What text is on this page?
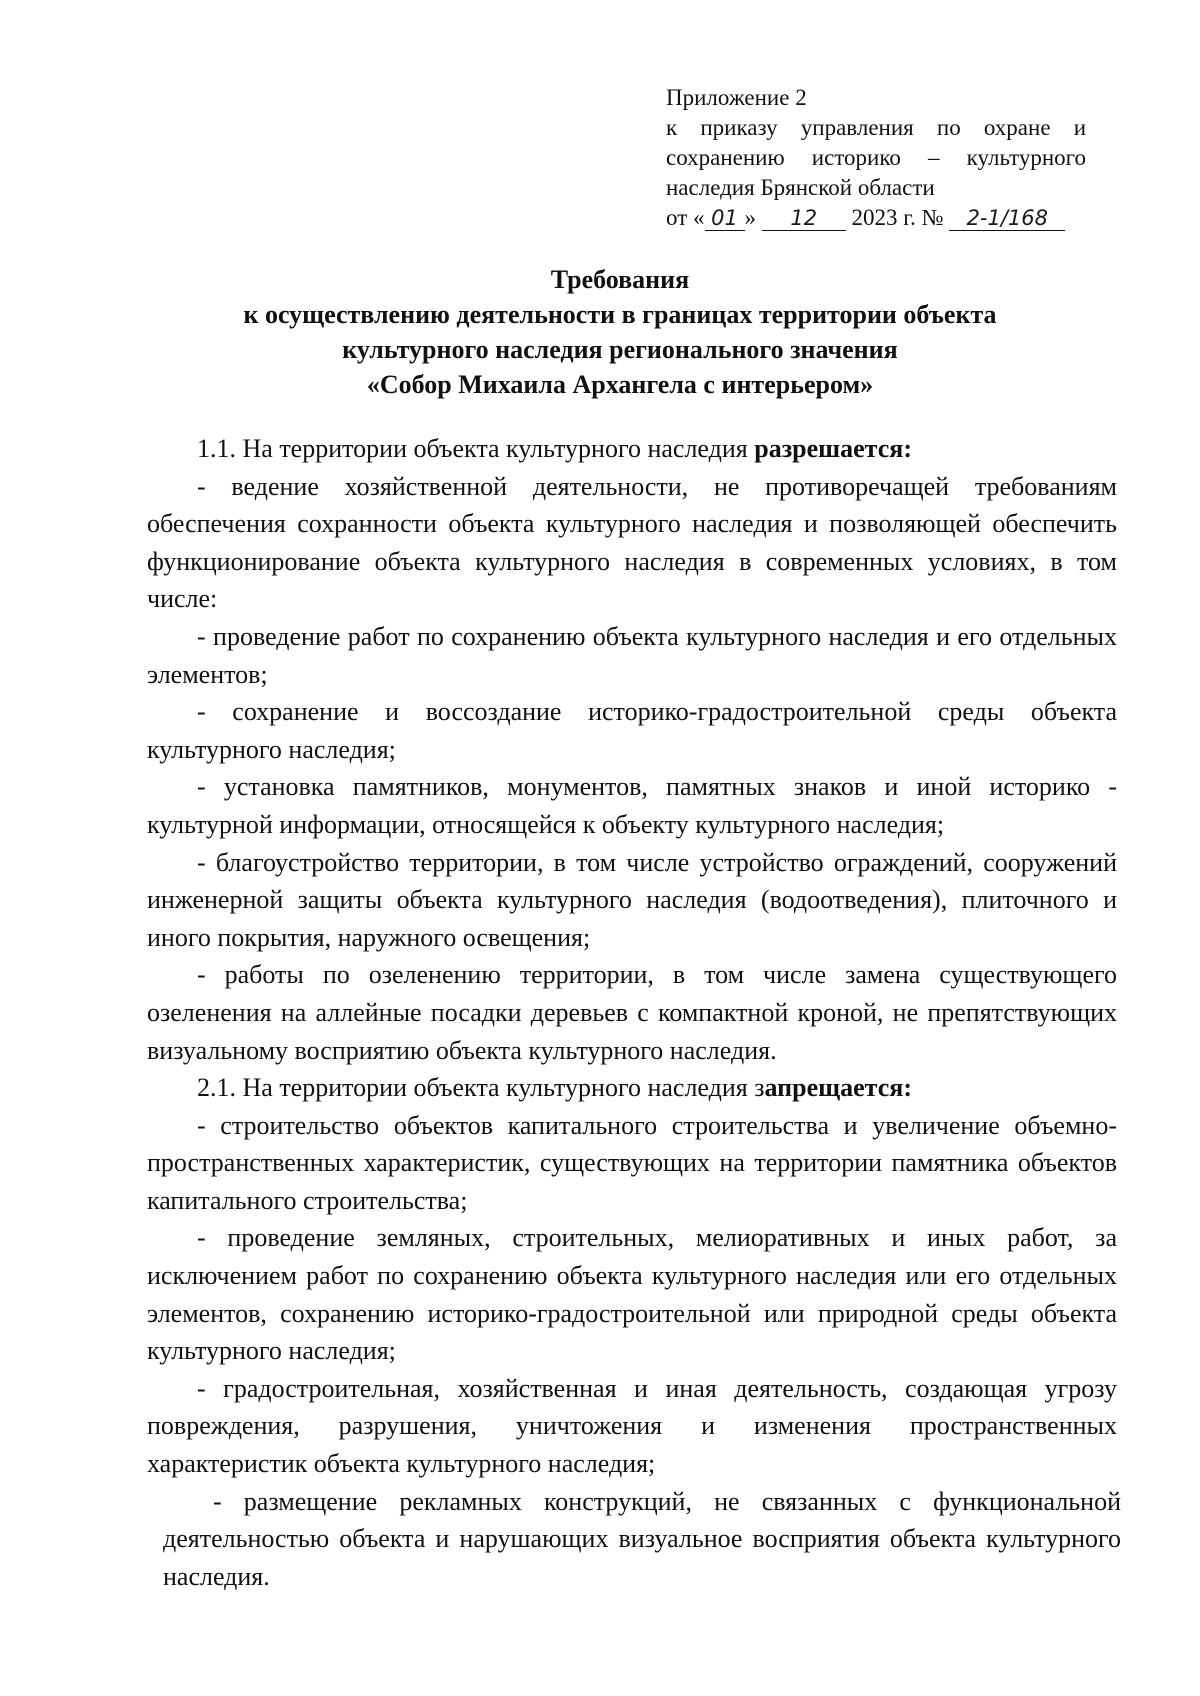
Приложение 2
к приказу управления по охране и
сохранению историко – культурного
наследия Брянской области
от « 01 » 12 2023 г. № 2-1/168
Требования
к осуществлению деятельности в границах территории объекта
культурного наследия регионального значения
«Собор Михаила Архангела с интерьером»

1.1. На территории объекта культурного наследия разрешается:

- ведение хозяйственной деятельности, не противоречащей требованиям обеспечения сохранности объекта культурного наследия и позволяющей обеспечить функционирование объекта культурного наследия в современных условиях, в том числе:

- проведение работ по сохранению объекта культурного наследия и его отдельных элементов;

- сохранение и воссоздание историко-градостроительной среды объекта культурного наследия;

- установка памятников, монументов, памятных знаков и иной историко - культурной информации, относящейся к объекту культурного наследия;

- благоустройство территории, в том числе устройство ограждений, сооружений инженерной защиты объекта культурного наследия (водоотведения), плиточного и иного покрытия, наружного освещения;

- работы по озеленению территории, в том числе замена существующего озеленения на аллейные посадки деревьев с компактной кроной, не препятствующих визуальному восприятию объекта культурного наследия.

2.1. На территории объекта культурного наследия запрещается:

- строительство объектов капитального строительства и увеличение объемно-пространственных характеристик, существующих на территории памятника объектов капитального строительства;

- проведение земляных, строительных, мелиоративных и иных работ, за исключением работ по сохранению объекта культурного наследия или его отдельных элементов, сохранению историко-градостроительной или природной среды объекта культурного наследия;

- градостроительная, хозяйственная и иная деятельность, создающая угрозу повреждения, разрушения, уничтожения и изменения пространственных характеристик объекта культурного наследия;

- размещение рекламных конструкций, не связанных с функциональной деятельностью объекта и нарушающих визуальное восприятия объекта культурного наследия.
